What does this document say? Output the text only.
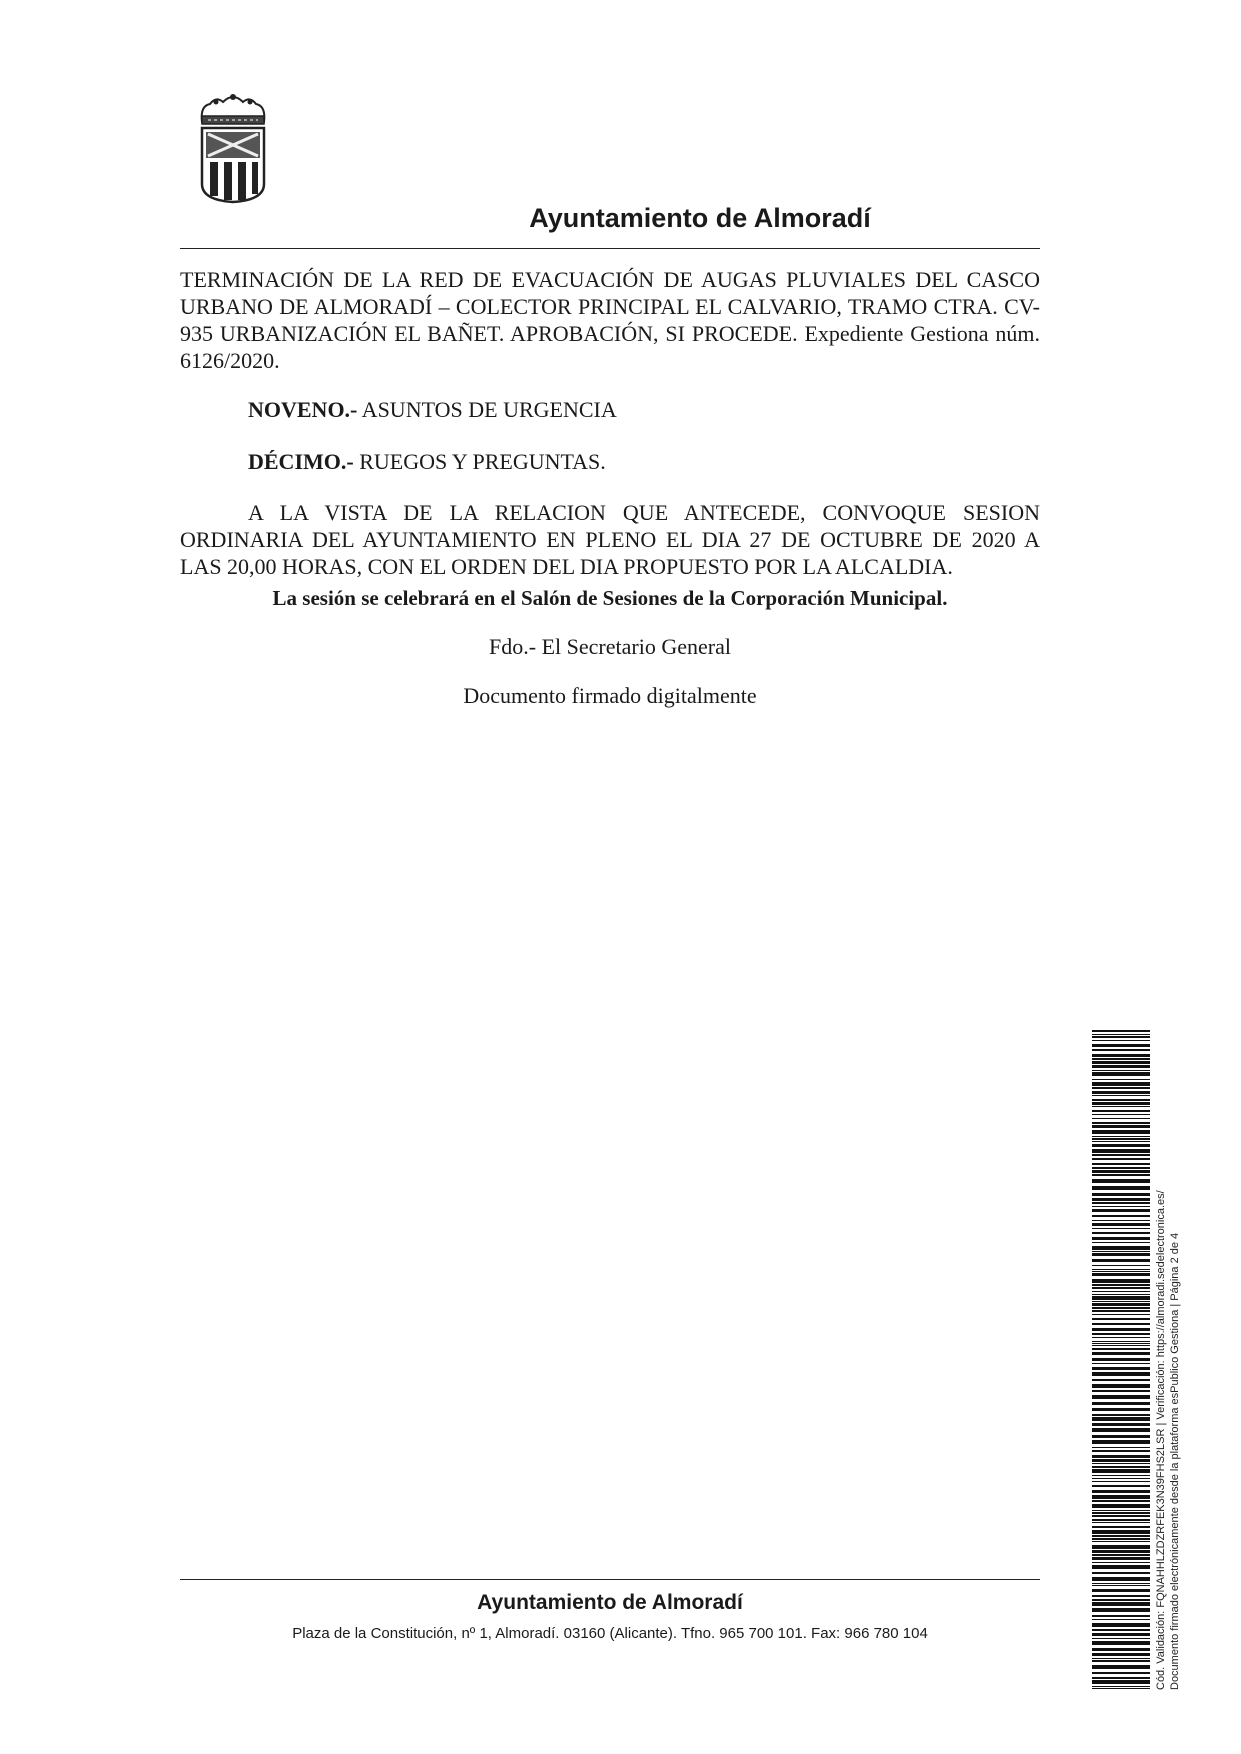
Ayuntamiento de Almoradí

TERMINACIÓN DE LA RED DE EVACUACIÓN DE AUGAS PLUVIALES DEL CASCO URBANO DE ALMORADÍ – COLECTOR PRINCIPAL EL CALVARIO, TRAMO CTRA. CV-935 URBANIZACIÓN EL BAÑET. APROBACIÓN, SI PROCEDE. Expediente Gestiona núm. 6126/2020.

NOVENO.- ASUNTOS DE URGENCIA
DÉCIMO.- RUEGOS Y PREGUNTAS.
A LA VISTA DE LA RELACION QUE ANTECEDE, CONVOQUE SESION
ORDINARIA DEL AYUNTAMIENTO EN PLENO EL DIA 27 DE OCTUBRE DE 2020 A
LAS 20,00 HORAS, CON EL ORDEN DEL DIA PROPUESTO POR LA ALCALDIA.
La sesión se celebrará en el Salón de Sesiones de la Corporación Municipal.
Fdo.- El Secretario General
Documento firmado digitalmente
Ayuntamiento de Almoradí
Plaza de la Constitución, nº 1, Almoradí. 03160 (Alicante). Tfno. 965 700 101. Fax: 966 780 104	Cód. Validación: FQNAHHLZDZRFEK3N39FHS2LSR | Verificación: https://almoradi.sedelectronica.es/ Documento firmado electrónicamente desde la plataforma esPublico Gestiona | Página 2 de 4
